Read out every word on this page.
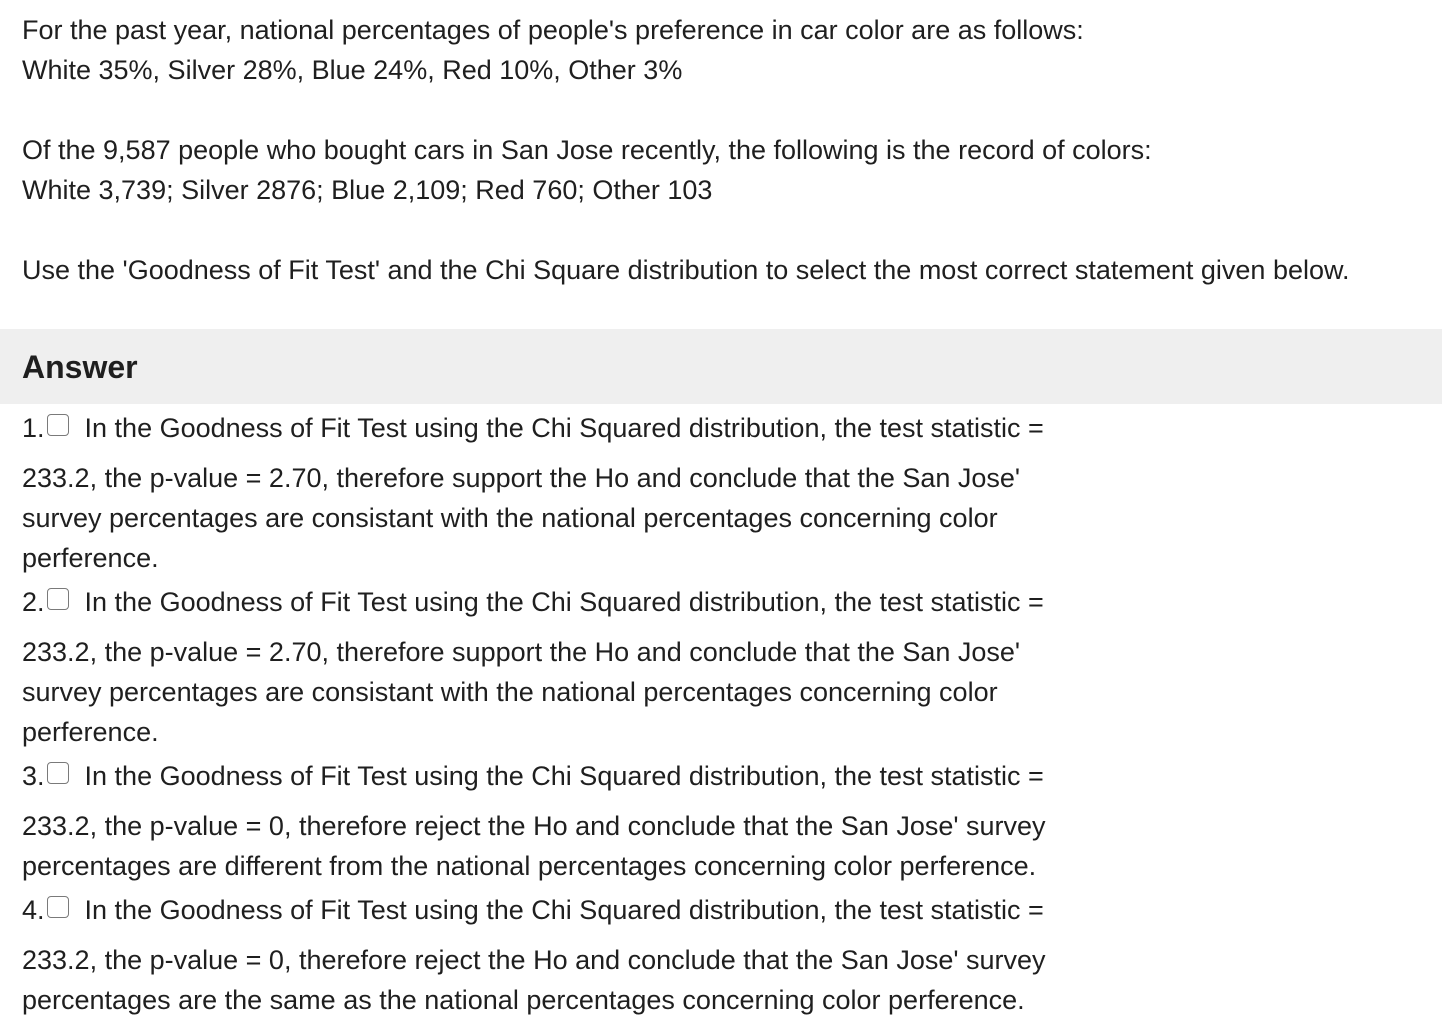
For the past year, national percentages of people's preference in car color are as follows:
White 35%, Silver 28%, Blue 24%, Red 10%, Other 3%
Of the 9,587 people who bought cars in San Jose recently, the following is the record of colors:
White 3,739; Silver 2876; Blue 2,109; Red 760; Other 103
Use the 'Goodness of Fit Test' and the Chi Square distribution to select the most correct statement given below.
Answer
1. In the Goodness of Fit Test using the Chi Squared distribution, the test statistic =
233.2, the p-value = 2.70, therefore support the Ho and conclude that the San Jose'
survey percentages are consistant with the national percentages concerning color
perference.
2. In the Goodness of Fit Test using the Chi Squared distribution, the test statistic =
233.2, the p-value = 2.70, therefore support the Ho and conclude that the San Jose'
survey percentages are consistant with the national percentages concerning color
perference.
3. In the Goodness of Fit Test using the Chi Squared distribution, the test statistic =
233.2, the p-value = 0, therefore reject the Ho and conclude that the San Jose' survey
percentages are different from the national percentages concerning color perference.
4. In the Goodness of Fit Test using the Chi Squared distribution, the test statistic =
233.2, the p-value = 0, therefore reject the Ho and conclude that the San Jose' survey
percentages are the same as the national percentages concerning color perference.
